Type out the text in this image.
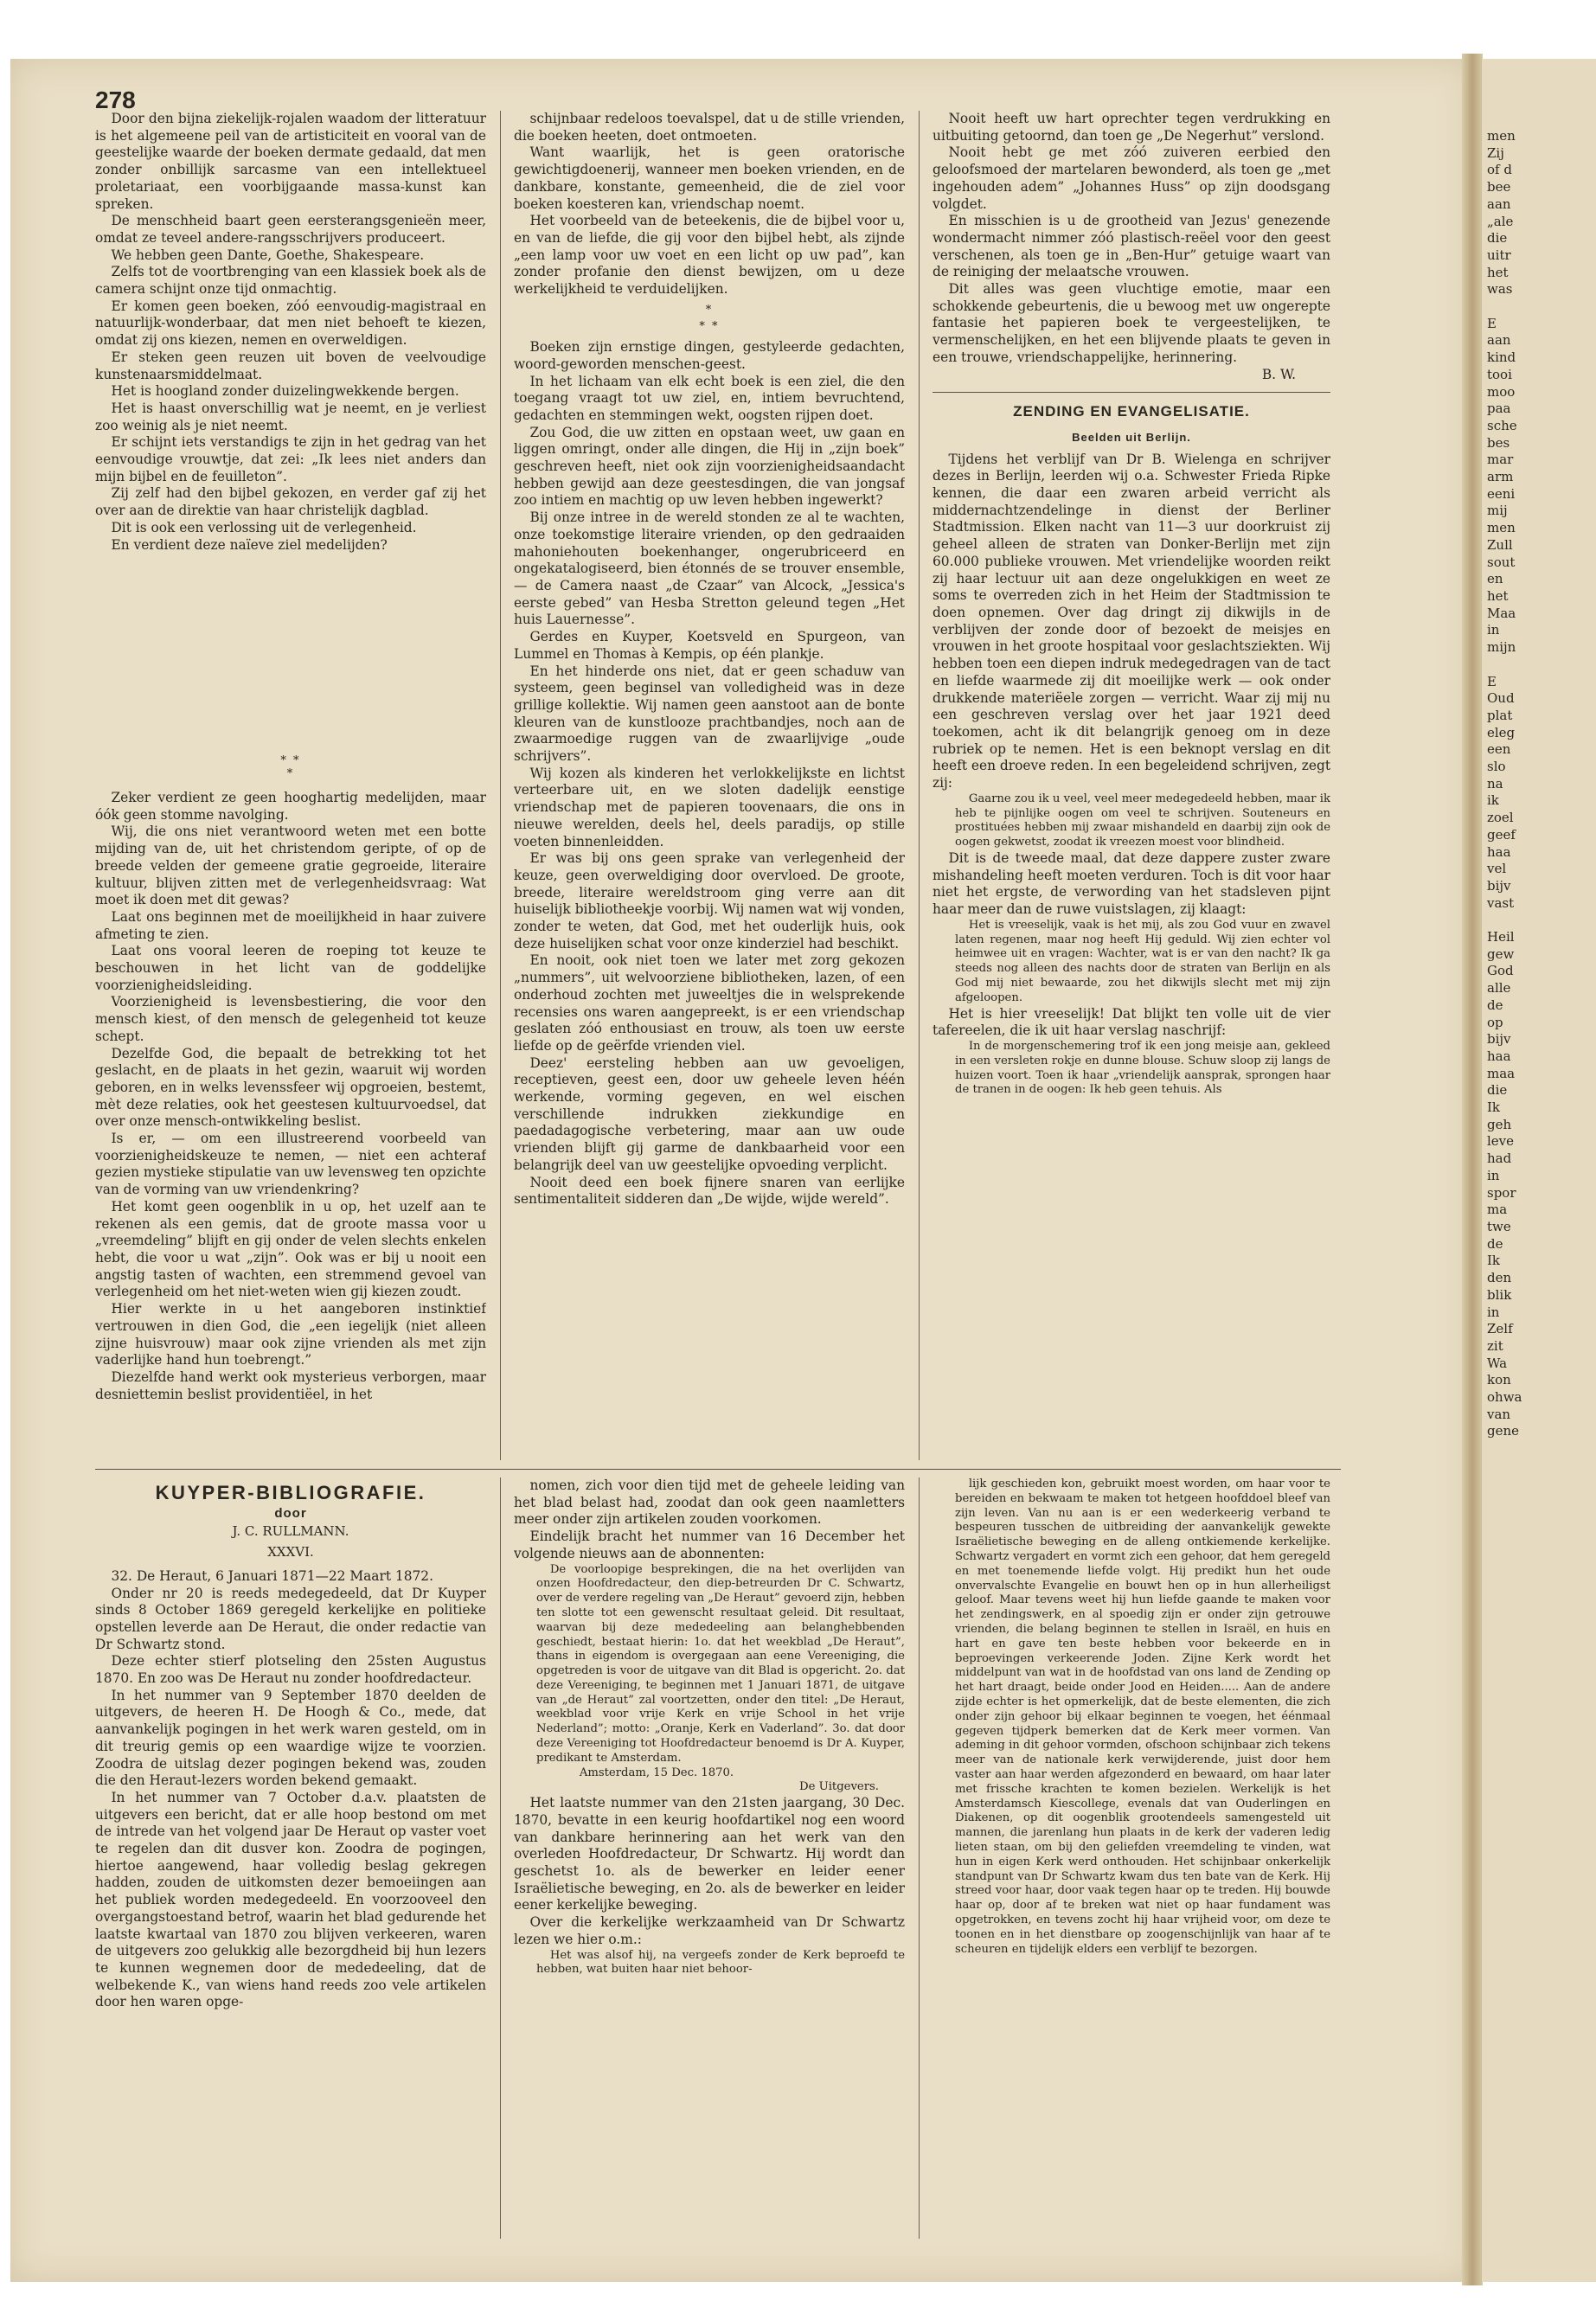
278

Door den bijna ziekelijk-rojalen waadom der litteratuur is het algemeene peil van de artisticiteit en vooral van de geestelijke waarde der boeken dermate gedaald, dat men zonder onbillijk sarcasme van een intellektueel proletariaat, een voorbijgaande massa-kunst kan spreken.

De menschheid baart geen eersterangsgenieën meer, omdat ze teveel andere-rangsschrijvers produceert.

We hebben geen Dante, Goethe, Shakespeare.

Zelfs tot de voortbrenging van een klassiek boek als de camera schijnt onze tijd onmachtig.

Er komen geen boeken, zóó eenvoudig-magistraal en natuurlijk-wonderbaar, dat men niet behoeft te kiezen, omdat zij ons kiezen, nemen en overweldigen.

Er steken geen reuzen uit boven de veelvoudige kunstenaarsmiddelmaat.

Het is hoogland zonder duizelingwekkende bergen.

Het is haast onverschillig wat je neemt, en je verliest zoo weinig als je niet neemt.

Er schijnt iets verstandigs te zijn in het gedrag van het eenvoudige vrouwtje, dat zei: „Ik lees niet anders dan mijn bijbel en de feuilleton”.

Zij zelf had den bijbel gekozen, en verder gaf zij het over aan de direktie van haar christelijk dagblad.

Dit is ook een verlossing uit de verlegenheid.

En verdient deze naïeve ziel medelijden?

* *
*

Zeker verdient ze geen hooghartig medelijden, maar óók geen stomme navolging.

Wij, die ons niet verantwoord weten met een botte mijding van de, uit het christendom geripte, of op de breede velden der gemeene gratie gegroeide, literaire kultuur, blijven zitten met de verlegenheidsvraag: Wat moet ik doen met dit gewas?

Laat ons beginnen met de moeilijkheid in haar zuivere afmeting te zien.

Laat ons vooral leeren de roeping tot keuze te beschouwen in het licht van de goddelijke voorzienigheidsleiding.

Voorzienigheid is levensbestiering, die voor den mensch kiest, of den mensch de gelegenheid tot keuze schept.

Dezelfde God, die bepaalt de betrekking tot het geslacht, en de plaats in het gezin, waaruit wij worden geboren, en in welks levenssfeer wij opgroeien, bestemt, mèt deze relaties, ook het geestesen kultuurvoedsel, dat over onze mensch-ontwikkeling beslist.

Is er, — om een illustreerend voorbeeld van voorzienigheidskeuze te nemen, — niet een achteraf gezien mystieke stipulatie van uw levensweg ten opzichte van de vorming van uw vriendenkring?

Het komt geen oogenblik in u op, het uzelf aan te rekenen als een gemis, dat de groote massa voor u „vreemdeling” blijft en gij onder de velen slechts enkelen hebt, die voor u wat „zijn”. Ook was er bij u nooit een angstig tasten of wachten, een stremmend gevoel van verlegenheid om het niet-weten wien gij kiezen zoudt.

Hier werkte in u het aangeboren instinktief vertrouwen in dien God, die „een iegelijk (niet alleen zijne huisvrouw) maar ook zijne vrienden als met zijn vaderlijke hand hun toebrengt.”

Diezelfde hand werkt ook mysterieus verborgen, maar desniettemin beslist providentiëel, in het

schijnbaar redeloos toevalspel, dat u de stille vrienden, die boeken heeten, doet ontmoeten.

Want waarlijk, het is geen oratorische gewichtigdoenerij, wanneer men boeken vrienden, en de dankbare, konstante, gemeenheid, die de ziel voor boeken koesteren kan, vriendschap noemt.

Het voorbeeld van de beteekenis, die de bijbel voor u, en van de liefde, die gij voor den bijbel hebt, als zijnde „een lamp voor uw voet en een licht op uw pad”, kan zonder profanie den dienst bewijzen, om u deze werkelijkheid te verduidelijken.

*
* *

Boeken zijn ernstige dingen, gestyleerde gedachten, woord-geworden menschen-geest.

In het lichaam van elk echt boek is een ziel, die den toegang vraagt tot uw ziel, en, intiem bevruchtend, gedachten en stemmingen wekt, oogsten rijpen doet.

Zou God, die uw zitten en opstaan weet, uw gaan en liggen omringt, onder alle dingen, die Hij in „zijn boek” geschreven heeft, niet ook zijn voorzienigheidsaandacht hebben gewijd aan deze geestesdingen, die van jongsaf zoo intiem en machtig op uw leven hebben ingewerkt?

Bij onze intree in de wereld stonden ze al te wachten, onze toekomstige literaire vrienden, op den gedraaiden mahoniehouten boekenhanger, ongerubriceerd en ongekatalogiseerd, bien étonnés de se trouver ensemble, — de Camera naast „de Czaar” van Alcock, „Jessica's eerste gebed” van Hesba Stretton geleund tegen „Het huis Lauernesse”.

Gerdes en Kuyper, Koetsveld en Spurgeon, van Lummel en Thomas à Kempis, op één plankje.

En het hinderde ons niet, dat er geen schaduw van systeem, geen beginsel van volledigheid was in deze grillige kollektie. Wij namen geen aanstoot aan de bonte kleuren van de kunstlooze prachtbandjes, noch aan de zwaarmoedige ruggen van de zwaarlijvige „oude schrijvers”.

Wij kozen als kinderen het verlokkelijkste en lichtst verteerbare uit, en we sloten dadelijk eenstige vriendschap met de papieren toovenaars, die ons in nieuwe werelden, deels hel, deels paradijs, op stille voeten binnenleidden.

Er was bij ons geen sprake van verlegenheid der keuze, geen overweldiging door overvloed. De groote, breede, literaire wereldstroom ging verre aan dit huiselijk bibliotheekje voorbij. Wij namen wat wij vonden, zonder te weten, dat God, met het ouderlijk huis, ook deze huiselijken schat voor onze kinderziel had beschikt.

En nooit, ook niet toen we later met zorg gekozen „nummers”, uit welvoorziene bibliotheken, lazen, of een onderhoud zochten met juweeltjes die in welsprekende recensies ons waren aangepreekt, is er een vriendschap geslaten zóó enthousiast en trouw, als toen uw eerste liefde op de geërfde vrienden viel.

Deez' eersteling hebben aan uw gevoeligen, receptieven, geest een, door uw geheele leven héén werkende, vorming gegeven, en wel eischen verschillende indrukken ziekkundige en paedadagogische verbetering, maar aan uw oude vrienden blijft gij garme de dankbaarheid voor een belangrijk deel van uw geestelijke opvoeding verplicht.

Nooit deed een boek fijnere snaren van eerlijke sentimentaliteit sidderen dan „De wijde, wijde wereld”.

Nooit heeft uw hart oprechter tegen verdrukking en uitbuiting getoornd, dan toen ge „De Negerhut” verslond.

Nooit hebt ge met zóó zuiveren eerbied den geloofsmoed der martelaren bewonderd, als toen ge „met ingehouden adem” „Johannes Huss” op zijn doodsgang volgdet.

En misschien is u de grootheid van Jezus' genezende wondermacht nimmer zóó plastisch-reëel voor den geest verschenen, als toen ge in „Ben-Hur” getuige waart van de reiniging der melaatsche vrouwen.

Dit alles was geen vluchtige emotie, maar een schokkende gebeurtenis, die u bewoog met uw ongerepte fantasie het papieren boek te vergeestelijken, te vermenschelijken, en het een blijvende plaats te geven in een trouwe, vriendschappelijke, herinnering.

B. W.
ZENDING EN EVANGELISATIE.
Beelden uit Berlijn.

Tijdens het verblijf van Dr B. Wielenga en schrijver dezes in Berlijn, leerden wij o.a. Schwester Frieda Ripke kennen, die daar een zwaren arbeid verricht als middernachtzendelinge in dienst der Berliner Stadtmission. Elken nacht van 11—3 uur doorkruist zij geheel alleen de straten van Donker-Berlijn met zijn 60.000 publieke vrouwen. Met vriendelijke woorden reikt zij haar lectuur uit aan deze ongelukkigen en weet ze soms te overreden zich in het Heim der Stadtmission te doen opnemen. Over dag dringt zij dikwijls in de verblijven der zonde door of bezoekt de meisjes en vrouwen in het groote hospitaal voor geslachtsziekten. Wij hebben toen een diepen indruk medegedragen van de tact en liefde waarmede zij dit moeilijke werk — ook onder drukkende materiëele zorgen — verricht. Waar zij mij nu een geschreven verslag over het jaar 1921 deed toekomen, acht ik dit belangrijk genoeg om in deze rubriek op te nemen. Het is een beknopt verslag en dit heeft een droeve reden. In een begeleidend schrijven, zegt zij:

Gaarne zou ik u veel, veel meer medegedeeld hebben, maar ik heb te pijnlijke oogen om veel te schrijven. Souteneurs en prostituées hebben mij zwaar mishandeld en daarbij zijn ook de oogen gekwetst, zoodat ik vreezen moest voor blindheid.

Dit is de tweede maal, dat deze dappere zuster zware mishandeling heeft moeten verduren. Toch is dit voor haar niet het ergste, de verwording van het stadsleven pijnt haar meer dan de ruwe vuistslagen, zij klaagt:

Het is vreeselijk, vaak is het mij, als zou God vuur en zwavel laten regenen, maar nog heeft Hij geduld. Wij zien echter vol heimwee uit en vragen: Wachter, wat is er van den nacht? Ik ga steeds nog alleen des nachts door de straten van Berlijn en als God mij niet bewaarde, zou het dikwijls slecht met mij zijn afgeloopen.

Het is hier vreeselijk! Dat blijkt ten volle uit de vier tafereelen, die ik uit haar verslag naschrijf:

In de morgenschemering trof ik een jong meisje aan, gekleed in een versleten rokje en dunne blouse. Schuw sloop zij langs de huizen voort. Toen ik haar „vriendelijk aansprak, sprongen haar de tranen in de oogen: Ik heb geen tehuis. Als

KUYPER-BIBLIOGRAFIE.
door
J. C. RULLMANN.
XXXVI.

32. De Heraut, 6 Januari 1871—22 Maart 1872.

Onder nr 20 is reeds medegedeeld, dat Dr Kuyper sinds 8 October 1869 geregeld kerkelijke en politieke opstellen leverde aan De Heraut, die onder redactie van Dr Schwartz stond.

Deze echter stierf plotseling den 25sten Augustus 1870. En zoo was De Heraut nu zonder hoofdredacteur.

In het nummer van 9 September 1870 deelden de uitgevers, de heeren H. De Hoogh & Co., mede, dat aanvankelijk pogingen in het werk waren gesteld, om in dit treurig gemis op een waardige wijze te voorzien. Zoodra de uitslag dezer pogingen bekend was, zouden die den Heraut-lezers worden bekend gemaakt.

In het nummer van 7 October d.a.v. plaatsten de uitgevers een bericht, dat er alle hoop bestond om met de intrede van het volgend jaar De Heraut op vaster voet te regelen dan dit dusver kon. Zoodra de pogingen, hiertoe aangewend, haar volledig beslag gekregen hadden, zouden de uitkomsten dezer bemoeiingen aan het publiek worden medegedeeld. En voorzooveel den overgangstoestand betrof, waarin het blad gedurende het laatste kwartaal van 1870 zou blijven verkeeren, waren de uitgevers zoo gelukkig alle bezorgdheid bij hun lezers te kunnen wegnemen door de mededeeling, dat de welbekende K., van wiens hand reeds zoo vele artikelen door hen waren opge-

nomen, zich voor dien tijd met de geheele leiding van het blad belast had, zoodat dan ook geen naamletters meer onder zijn artikelen zouden voorkomen.

Eindelijk bracht het nummer van 16 December het volgende nieuws aan de abonnenten:

De voorloopige besprekingen, die na het overlijden van onzen Hoofdredacteur, den diep-betreurden Dr C. Schwartz, over de verdere regeling van „De Heraut” gevoerd zijn, hebben ten slotte tot een gewenscht resultaat geleid. Dit resultaat, waarvan bij deze mededeeling aan belanghebbenden geschiedt, bestaat hierin: 1o. dat het weekblad „De Heraut”, thans in eigendom is overgegaan aan eene Vereeniging, die opgetreden is voor de uitgave van dit Blad is opgericht. 2o. dat deze Vereeniging, te beginnen met 1 Januari 1871, de uitgave van „de Heraut” zal voortzetten, onder den titel: „De Heraut, weekblad voor vrije Kerk en vrije School in het vrije Nederland”; motto: „Oranje, Kerk en Vaderland”. 3o. dat door deze Vereeniging tot Hoofdredacteur benoemd is Dr A. Kuyper, predikant te Amsterdam.

Amsterdam, 15 Dec. 1870.

De Uitgevers.

Het laatste nummer van den 21sten jaargang, 30 Dec. 1870, bevatte in een keurig hoofdartikel nog een woord van dankbare herinnering aan het werk van den overleden Hoofdredacteur, Dr Schwartz. Hij wordt dan geschetst 1o. als de bewerker en leider eener Israëlietische beweging, en 2o. als de bewerker en leider eener kerkelijke beweging.

Over die kerkelijke werkzaamheid van Dr Schwartz lezen we hier o.m.:

Het was alsof hij, na vergeefs zonder de Kerk beproefd te hebben, wat buiten haar niet behoor-

lijk geschieden kon, gebruikt moest worden, om haar voor te bereiden en bekwaam te maken tot hetgeen hoofddoel bleef van zijn leven. Van nu aan is er een wederkeerig verband te bespeuren tusschen de uitbreiding der aanvankelijk gewekte Israëlietische beweging en de alleng ontkiemende kerkelijke. Schwartz vergadert en vormt zich een gehoor, dat hem geregeld en met toenemende liefde volgt. Hij predikt hun het oude onvervalschte Evangelie en bouwt hen op in hun allerheiligst geloof. Maar tevens weet hij hun liefde gaande te maken voor het zendingswerk, en al spoedig zijn er onder zijn getrouwe vrienden, die belang beginnen te stellen in Israël, en huis en hart en gave ten beste hebben voor bekeerde en in beproevingen verkeerende Joden. Zijne Kerk wordt het middelpunt van wat in de hoofdstad van ons land de Zending op het hart draagt, beide onder Jood en Heiden..... Aan de andere zijde echter is het opmerkelijk, dat de beste elementen, die zich onder zijn gehoor bij elkaar beginnen te voegen, het éénmaal gegeven tijdperk bemerken dat de Kerk meer vormen. Van ademing in dit gehoor vormden, ofschoon schijnbaar zich tekens meer van de nationale kerk verwijderende, juist door hem vaster aan haar werden afgezonderd en bewaard, om haar later met frissche krachten te komen bezielen. Werkelijk is het Amsterdamsch Kiescollege, evenals dat van Ouderlingen en Diakenen, op dit oogenblik grootendeels samengesteld uit mannen, die jarenlang hun plaats in de kerk der vaderen ledig lieten staan, om bij den geliefden vreemdeling te vinden, wat hun in eigen Kerk werd onthouden. Het schijnbaar onkerkelijk standpunt van Dr Schwartz kwam dus ten bate van de Kerk. Hij streed voor haar, door vaak tegen haar op te treden. Hij bouwde haar op, door af te breken wat niet op haar fundament was opgetrokken, en tevens zocht hij haar vrijheid voor, om deze te toonen en in het dienstbare op zoogenschijnlijk van haar af te scheuren en tijdelijk elders een verblijf te bezorgen.

men
Zij
of d
bee
aan
„ale
die
uitr
het
was

E
aan
kind
tooi
moo
paa
sche
bes
mar
arm
eeni
mij
men
Zull
sout
en
het
Maa
in
mijn

E
Oud
plat
eleg
een
slo
na
ik
zoel
geef
haa
vel
bijv
vast

Heil
gew
God
alle
de
op
bijv
haa
maa
die
Ik
geh
leve
had
in
spor
ma
twe
de
Ik
den
blik
in
Zelf
zit
Wa
kon
ohwa
van
gene
